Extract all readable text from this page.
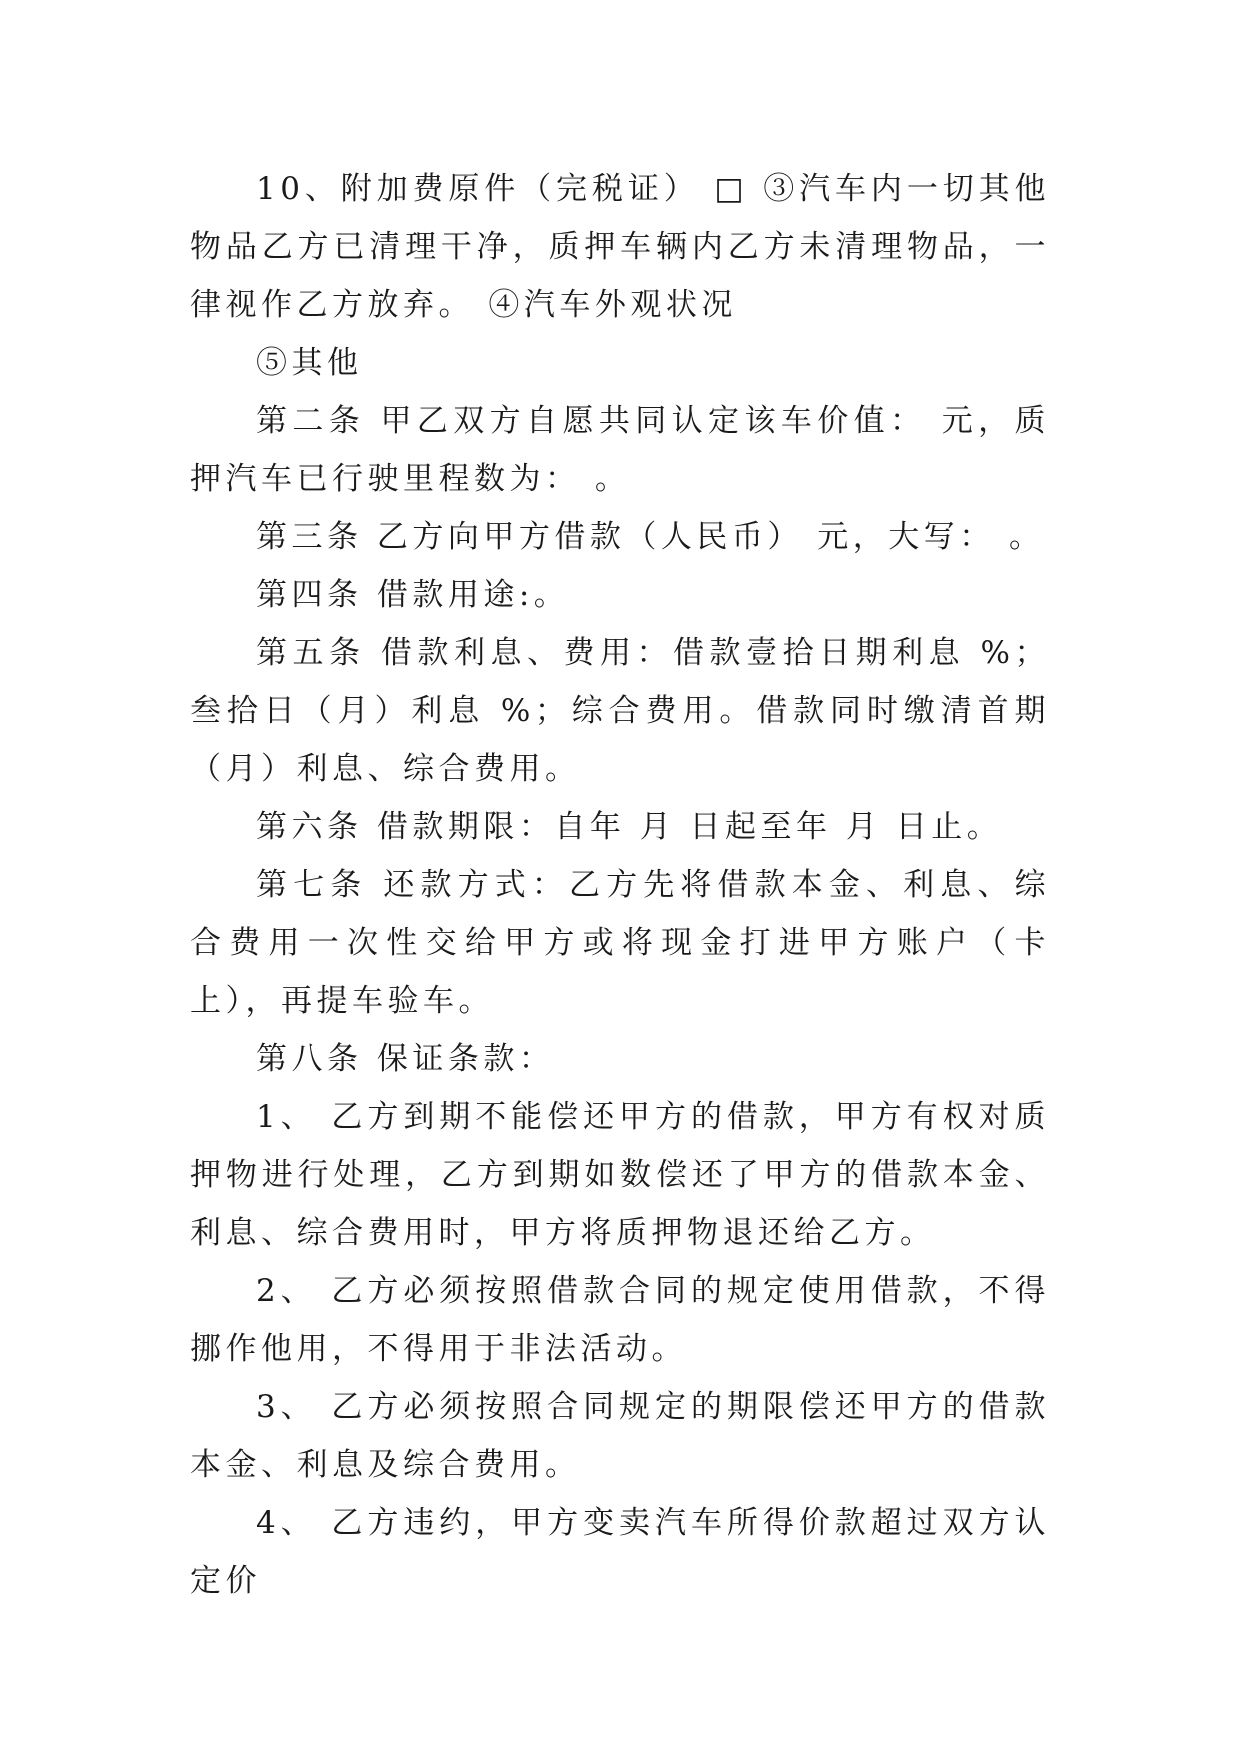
10、附加费原件（完税证） □ ③汽车内一切其他物品乙方已清理干净，质押车辆内乙方未清理物品，一律视作乙方放弃。 ④汽车外观状况

⑤其他

第二条 甲乙双方自愿共同认定该车价值： 元，质押汽车已行驶里程数为： 。

第三条 乙方向甲方借款（人民币） 元，大写： 。

第四条 借款用途:。

第五条 借款利息、费用：借款壹拾日期利息 %；叁拾日（月）利息 %；综合费用。借款同时缴清首期（月）利息、综合费用。

第六条 借款期限：自年 月 日起至年 月 日止。

第七条 还款方式：乙方先将借款本金、利息、综合费用一次性交给甲方或将现金打进甲方账户（卡上），再提车验车。

第八条 保证条款：

1、 乙方到期不能偿还甲方的借款，甲方有权对质押物进行处理，乙方到期如数偿还了甲方的借款本金、利息、综合费用时，甲方将质押物退还给乙方。

2、 乙方必须按照借款合同的规定使用借款，不得挪作他用，不得用于非法活动。

3、 乙方必须按照合同规定的期限偿还甲方的借款本金、利息及综合费用。

4、 乙方违约，甲方变卖汽车所得价款超过双方认定价
